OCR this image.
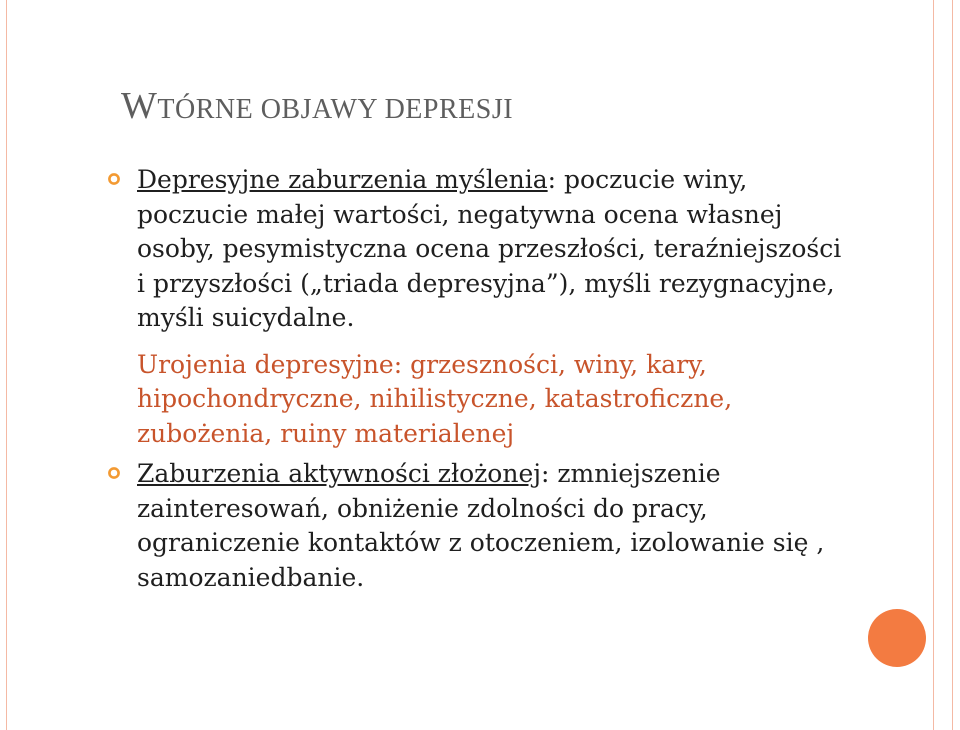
WTÓRNE OBJAWY DEPRESJI

Depresyjne zaburzenia myślenia: poczucie winy, poczucie małej wartości, negatywna ocena własnej osoby, pesymistyczna ocena przeszłości, teraźniejszości i przyszłości („triada depresyjna”), myśli rezygnacyjne, myśli suicydalne.

Urojenia depresyjne: grzeszności, winy, kary, hipochondryczne, nihilistyczne, katastroficzne, zubożenia, ruiny materialenej

Zaburzenia aktywności złożonej: zmniejszenie zainteresowań, obniżenie zdolności do pracy, ograniczenie kontaktów z otoczeniem, izolowanie się , samozaniedbanie.
